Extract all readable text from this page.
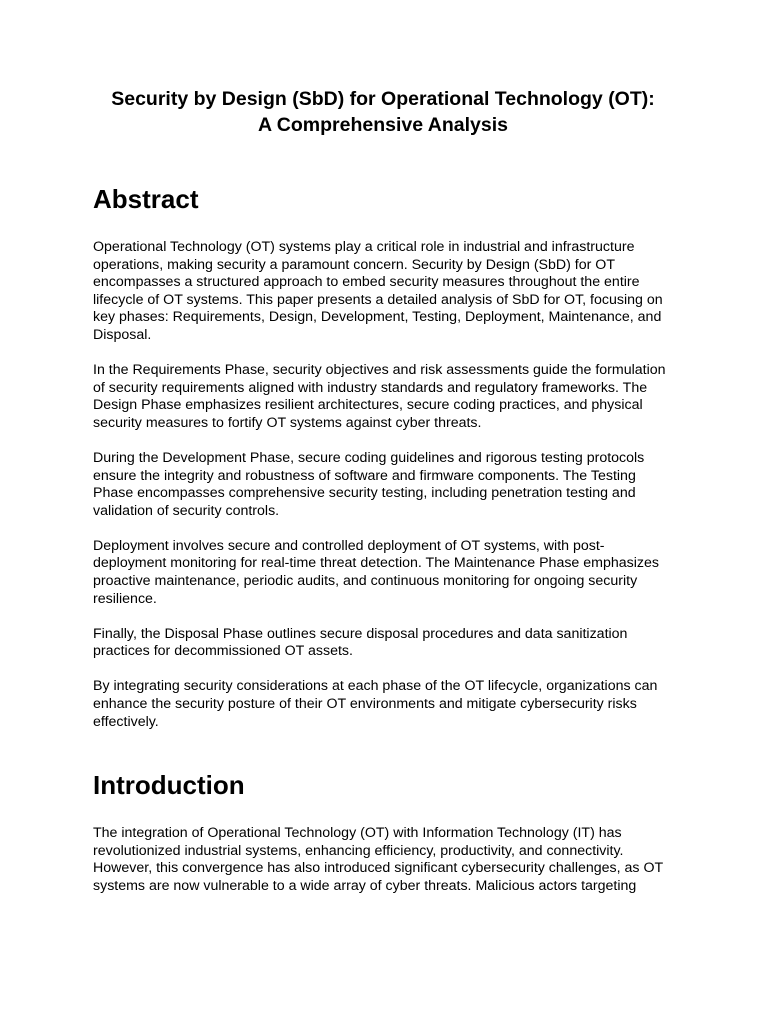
Security by Design (SbD) for Operational Technology (OT):
A Comprehensive Analysis
Abstract

Operational Technology (OT) systems play a critical role in industrial and infrastructure operations, making security a paramount concern. Security by Design (SbD) for OT encompasses a structured approach to embed security measures throughout the entire lifecycle of OT systems. This paper presents a detailed analysis of SbD for OT, focusing on key phases: Requirements, Design, Development, Testing, Deployment, Maintenance, and Disposal.

In the Requirements Phase, security objectives and risk assessments guide the formulation of security requirements aligned with industry standards and regulatory frameworks. The Design Phase emphasizes resilient architectures, secure coding practices, and physical security measures to fortify OT systems against cyber threats.

During the Development Phase, secure coding guidelines and rigorous testing protocols ensure the integrity and robustness of software and firmware components. The Testing Phase encompasses comprehensive security testing, including penetration testing and validation of security controls.

Deployment involves secure and controlled deployment of OT systems, with post-deployment monitoring for real-time threat detection. The Maintenance Phase emphasizes proactive maintenance, periodic audits, and continuous monitoring for ongoing security resilience.

Finally, the Disposal Phase outlines secure disposal procedures and data sanitization practices for decommissioned OT assets.

By integrating security considerations at each phase of the OT lifecycle, organizations can enhance the security posture of their OT environments and mitigate cybersecurity risks effectively.

Introduction

The integration of Operational Technology (OT) with Information Technology (IT) has revolutionized industrial systems, enhancing efficiency, productivity, and connectivity. However, this convergence has also introduced significant cybersecurity challenges, as OT systems are now vulnerable to a wide array of cyber threats. Malicious actors targeting
